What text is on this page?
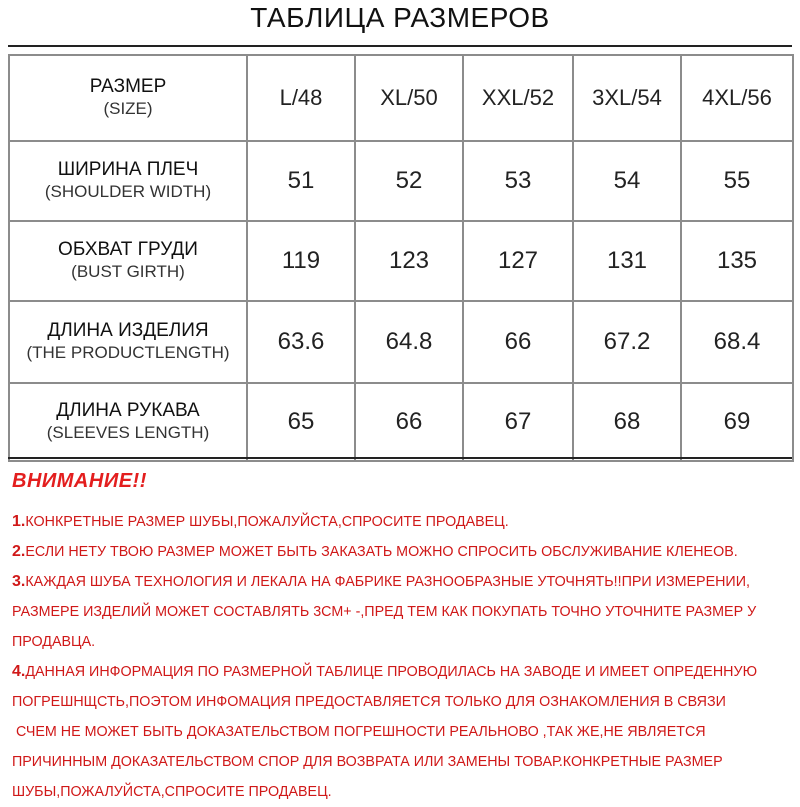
ТАБЛИЦА РАЗМЕРОВ
РАЗМЕР
(SIZE)	L/48	XL/50	XXL/52	3XL/54	4XL/56

ШИРИНА ПЛЕЧ
(SHOULDER WIDTH)	51	52	53	54	55

ОБХВАТ ГРУДИ
(BUST GIRTH)	119	123	127	131	135

ДЛИНА ИЗДЕЛИЯ
(THE PRODUCTLENGTH)	63.6	64.8	66	67.2	68.4

ДЛИНА РУКАВА
(SLEEVES LENGTH)	65	66	67	68	69
ВНИМАНИЕ!!

1.КОНКРЕТНЫЕ РАЗМЕР ШУБЫ,ПОЖАЛУЙСТА,СПРОСИТЕ ПРОДАВЕЦ.

2.ЕСЛИ НЕТУ ТВОЮ РАЗМЕР МОЖЕТ БЫТЬ ЗАКАЗАТЬ МОЖНО СПРОСИТЬ ОБСЛУЖИВАНИЕ КЛЕНЕОВ.

3.КАЖДАЯ ШУБА ТЕХНОЛОГИЯ И ЛЕКАЛА НА ФАБРИКЕ РАЗНООБРАЗНЫЕ УТОЧНЯТЬ!!ПРИ ИЗМЕРЕНИИ,

РАЗМЕРЕ ИЗДЕЛИЙ МОЖЕТ СОСТАВЛЯТЬ 3СМ+ -,ПРЕД ТЕМ КАК ПОКУПАТЬ ТОЧНО УТОЧНИТЕ РАЗМЕР У

ПРОДАВЦА.

4.ДАННАЯ ИНФОРМАЦИЯ ПО РАЗМЕРНОЙ ТАБЛИЦЕ ПРОВОДИЛАСЬ НА ЗАВОДЕ И ИМЕЕТ ОПРЕДЕННУЮ

ПОГРЕШНЩСТЬ,ПОЭТОМ ИНФОМАЦИЯ ПРЕДОСТАВЛЯЕТСЯ ТОЛЬКО ДЛЯ ОЗНАКОМЛЕНИЯ В СВЯЗИ

СЧЕМ НЕ МОЖЕТ БЫТЬ ДОКАЗАТЕЛЬСТВОМ ПОГРЕШНОСТИ РЕАЛЬНОВО ,ТАК ЖЕ,НЕ ЯВЛЯЕТСЯ

ПРИЧИННЫМ ДОКАЗАТЕЛЬСТВОМ СПОР ДЛЯ ВОЗВРАТА ИЛИ ЗАМЕНЫ ТОВАР.КОНКРЕТНЫЕ РАЗМЕР

ШУБЫ,ПОЖАЛУЙСТА,СПРОСИТЕ ПРОДАВЕЦ.
